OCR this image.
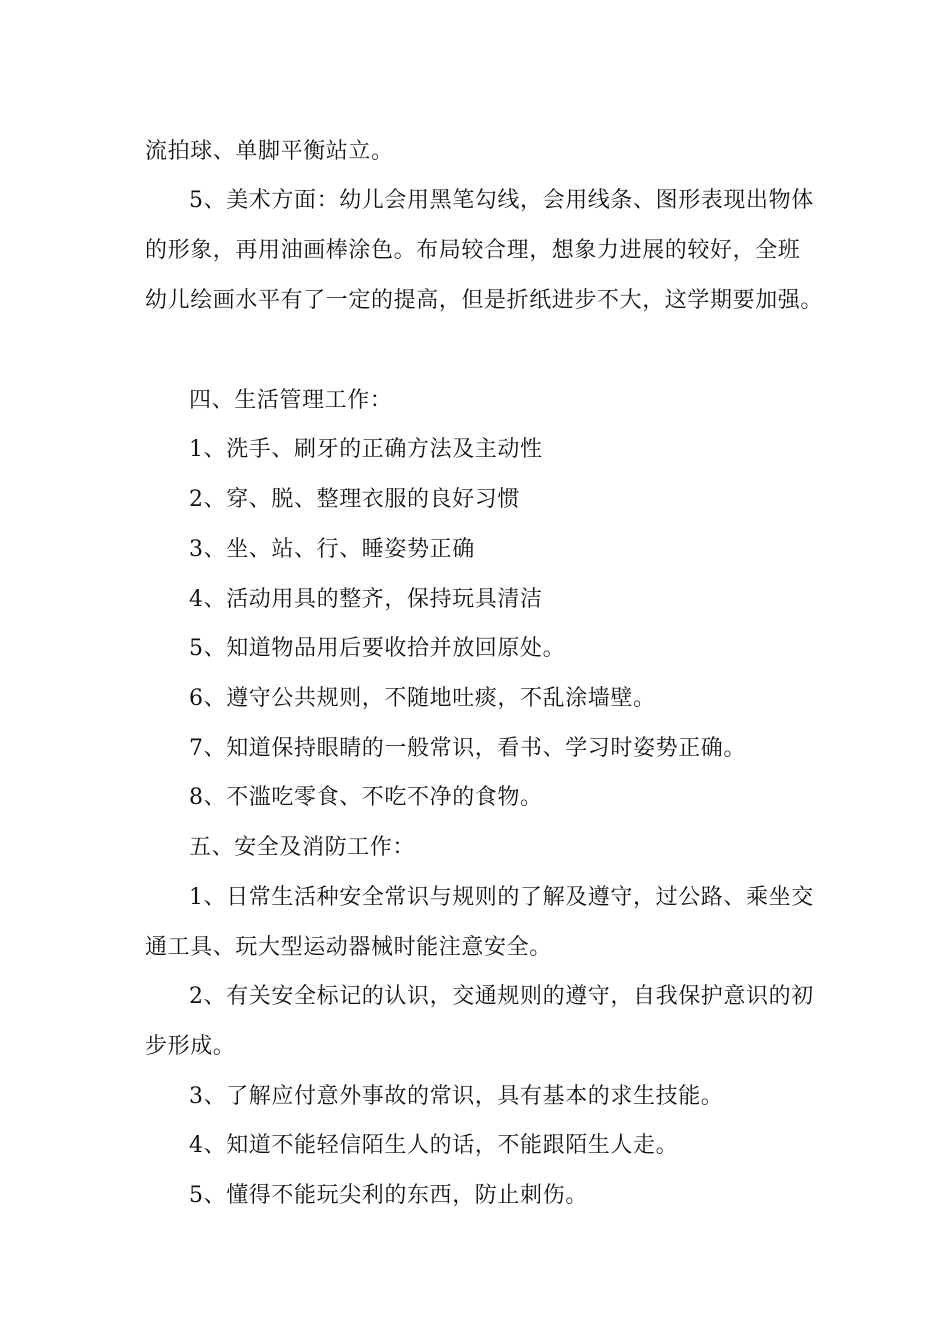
流拍球、单脚平衡站立。
5、美术方面：幼儿会用黑笔勾线，会用线条、图形表现出物体
的形象，再用油画棒涂色。布局较合理，想象力进展的较好，全班
幼儿绘画水平有了一定的提高，但是折纸进步不大，这学期要加强。
四、生活管理工作：
1、洗手、刷牙的正确方法及主动性
2、穿、脱、整理衣服的良好习惯
3、坐、站、行、睡姿势正确
4、活动用具的整齐，保持玩具清洁
5、知道物品用后要收拾并放回原处。
6、遵守公共规则，不随地吐痰，不乱涂墙壁。
7、知道保持眼睛的一般常识，看书、学习时姿势正确。
8、不滥吃零食、不吃不净的食物。
五、安全及消防工作：
1、日常生活种安全常识与规则的了解及遵守，过公路、乘坐交
通工具、玩大型运动器械时能注意安全。
2、有关安全标记的认识，交通规则的遵守，自我保护意识的初
步形成。
3、了解应付意外事故的常识，具有基本的求生技能。
4、知道不能轻信陌生人的话，不能跟陌生人走。
5、懂得不能玩尖利的东西，防止刺伤。
